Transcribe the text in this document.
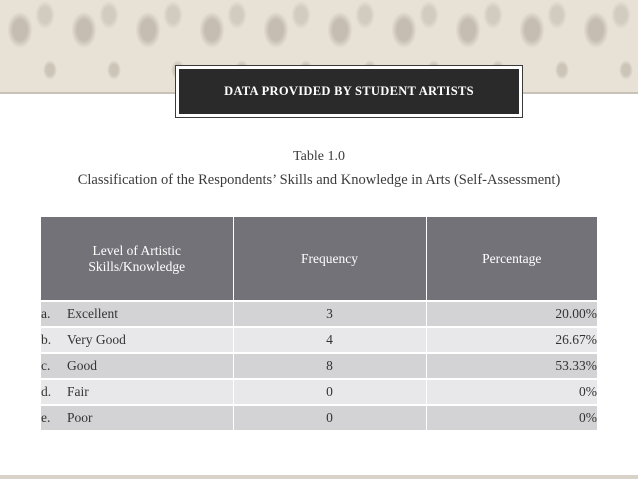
DATA PROVIDED BY STUDENT ARTISTS
Table 1.0
Classification of the Respondents’ Skills and Knowledge in Arts (Self-Assessment)
Level of Artistic
Skills/Knowledge	Frequency	Percentage
a. Excellent	3	20.00%
b. Very Good	4	26.67%
c. Good	8	53.33%
d. Fair	0	0%
e. Poor	0	0%
